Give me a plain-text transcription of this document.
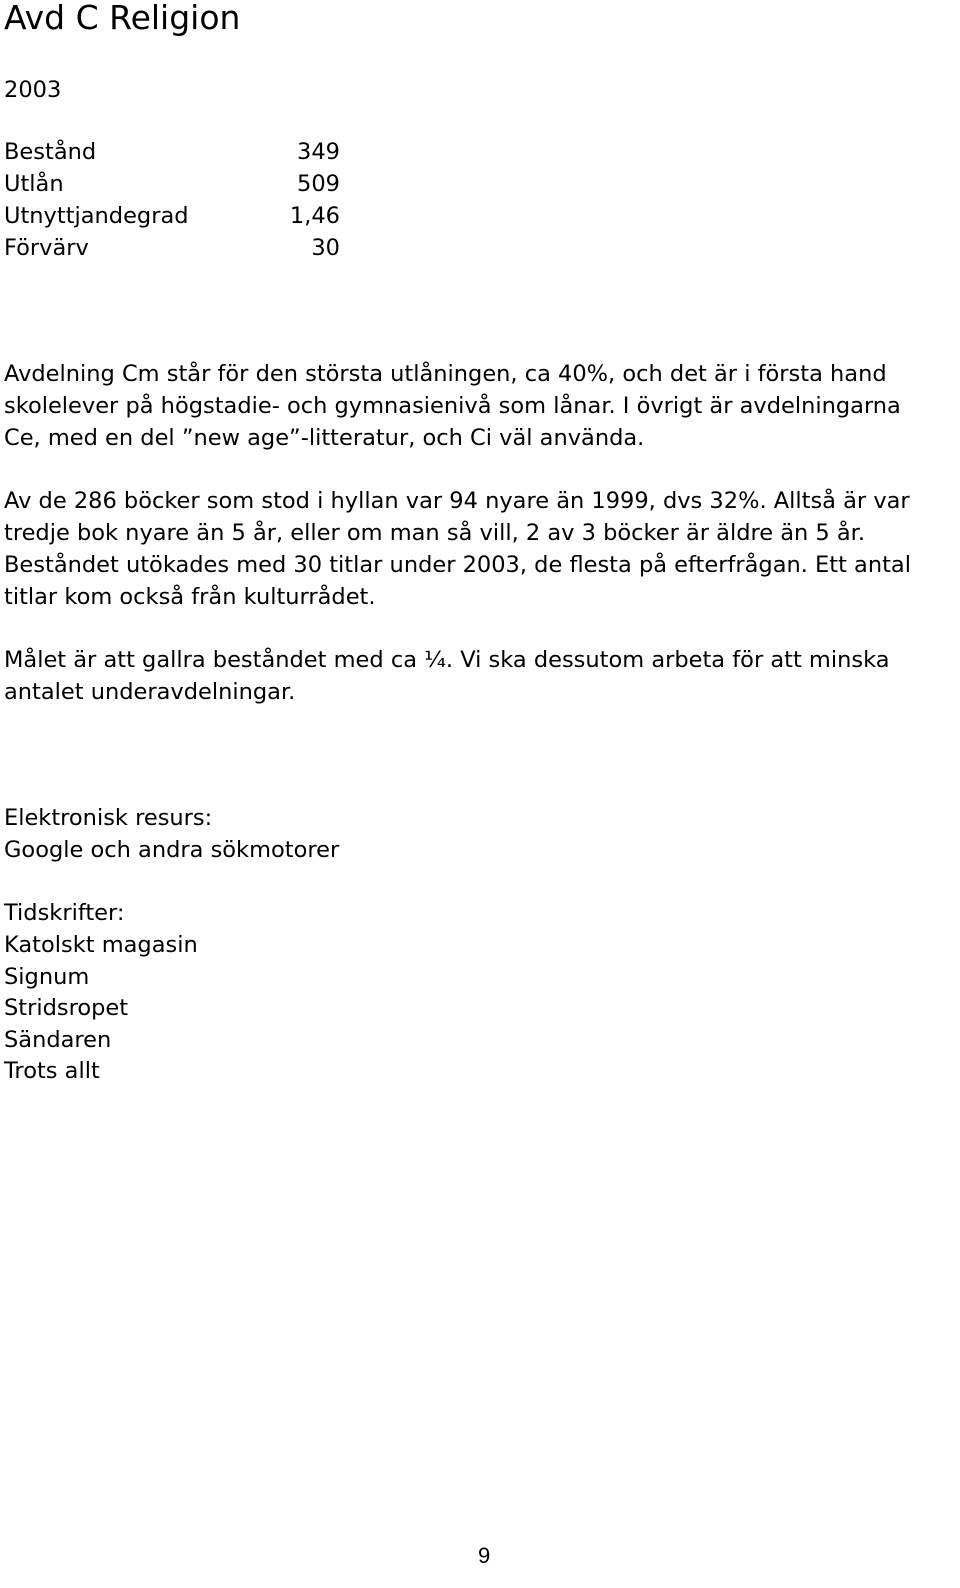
Avd C Religion
2003
Bestånd	349
Utlån	509
Utnyttjandegrad	1,46
Förvärv	30

Avdelning Cm står för den största utlåningen, ca 40%, och det är i första hand
skolelever på högstadie- och gymnasienivå som lånar. I övrigt är avdelningarna
Ce, med en del ”new age”-litteratur, och Ci väl använda.

Av de 286 böcker som stod i hyllan var 94 nyare än 1999, dvs 32%. Alltså är var
tredje bok nyare än 5 år, eller om man så vill, 2 av 3 böcker är äldre än 5 år.
Beståndet utökades med 30 titlar under 2003, de flesta på efterfrågan. Ett antal
titlar kom också från kulturrådet.

Målet är att gallra beståndet med ca ¼. Vi ska dessutom arbeta för att minska
antalet underavdelningar.

Elektronisk resurs:
Google och andra sökmotorer
Tidskrifter:
Katolskt magasin
Signum
Stridsropet
Sändaren
Trots allt
9
